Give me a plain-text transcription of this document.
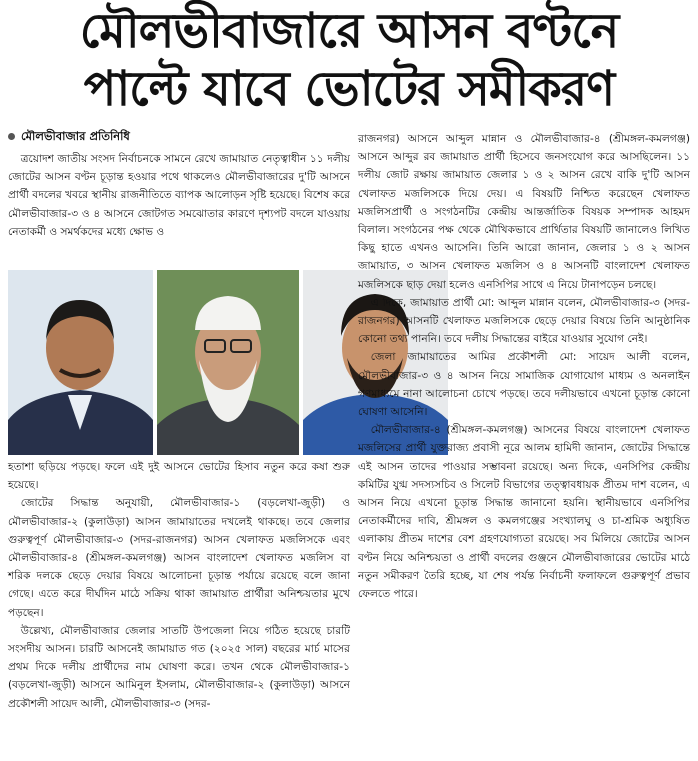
মৌলভীবাজারে আসন বণ্টনে
পাল্টে যাবে ভোটের সমীকরণ
মৌলভীবাজার প্রতিনিধি

ত্রয়োদশ জাতীয় সংসদ নির্বাচনকে সামনে রেখে জামায়াত নেতৃত্বাধীন ১১ দলীয় জোটের আসন বণ্টন চূড়ান্ত হওয়ার পথে থাকলেও মৌলভীবাজারের দু'টি আসনে প্রার্থী বদলের খবরে স্থানীয় রাজনীতিতে ব্যাপক আলোড়ন সৃষ্টি হয়েছে। বিশেষ করে মৌলভীবাজার-৩ ও ৪ আসনে জোটগত সমঝোতার কারণে দৃশ্যপট বদলে যাওয়ায় নেতাকর্মী ও সমর্থকদের মধ্যে ক্ষোভ ও

হতাশা ছড়িয়ে পড়ছে। ফলে এই দুই আসনে ভোটের হিসাব নতুন করে কষা শুরু হয়েছে।

জোটের সিদ্ধান্ত অনুযায়ী, মৌলভীবাজার-১ (বড়লেখা-জুড়ী) ও মৌলভীবাজার-২ (কুলাউড়া) আসন জামায়াতের দখলেই থাকছে। তবে জেলার গুরুত্বপূর্ণ মৌলভীবাজার-৩ (সদর-রাজনগর) আসন খেলাফত মজলিসকে এবং মৌলভীবাজার-৪ (শ্রীমঙ্গল-কমলগঞ্জ) আসন বাংলাদেশ খেলাফত মজলিস বা শরিক দলকে ছেড়ে দেয়ার বিষয়ে আলোচনা চূড়ান্ত পর্যায়ে রয়েছে বলে জানা গেছে। এতে করে দীর্ঘদিন মাঠে সক্রিয় থাকা জামায়াত প্রার্থীরা অনিশ্চয়তার মুখে পড়ছেন।

উল্লেখ্য, মৌলভীবাজার জেলার সাতটি উপজেলা নিয়ে গঠিত হয়েছে চারটি সংসদীয় আসন। চারটি আসনেই জামায়াত গত (২০২৫ সাল) বছরের মার্চ মাসের প্রথম দিকে দলীয় প্রার্থীদের নাম ঘোষণা করে। তখন থেকে মৌলভীবাজার-১ (বড়লেখা-জুড়ী) আসনে আমিনুল ইসলাম, মৌলভীবাজার-২ (কুলাউড়া) আসনে প্রকৌশলী সায়েদ আলী, মৌলভীবাজার-৩ (সদর-

রাজনগর) আসনে আব্দুল মান্নান ও মৌলভীবাজার-৪ (শ্রীমঙ্গল-কমলগঞ্জ) আসনে আব্দুর রব জামায়াত প্রার্থী হিসেবে জনসংযোগ করে আসছিলেন। ১১ দলীয় জোট রক্ষায় জামায়াত জেলার ১ ও ২ আসন রেখে বাকি দু'টি আসন খেলাফত মজলিসকে দিয়ে দেয়। এ বিষয়টি নিশ্চিত করেছেন খেলাফত মজলিসপ্রার্থী ও সংগঠনটির কেন্দ্রীয় আন্তর্জাতিক বিষয়ক সম্পাদক আহমদ বিলাল। সংগঠনের পক্ষ থেকে মৌখিকভাবে প্রার্থিতার বিষয়টি জানালেও লিখিত কিছু হাতে এখনও আসেনি। তিনি আরো জানান, জেলার ১ ও ২ আসন জামায়াত, ৩ আসন খেলাফত মজলিস ও ৪ আসনটি বাংলাদেশ খেলাফত মজলিসকে ছাড় দেয়া হলেও এনসিপির সাথে এ নিয়ে টানাপড়েন চলছে।

এ দিকে, জামায়াত প্রার্থী মো: আব্দুল মান্নান বলেন, মৌলভীবাজার-৩ (সদর-রাজনগর) আসনটি খেলাফত মজলিসকে ছেড়ে দেয়ার বিষয়ে তিনি আনুষ্ঠানিক কোনো তথ্য পাননি। তবে দলীয় সিদ্ধান্তের বাইরে যাওয়ার সুযোগ নেই।

জেলা জামায়াতের আমির প্রকৌশলী মো: সায়েদ আলী বলেন, মৌলভীবাজার-৩ ও ৪ আসন নিয়ে সামাজিক যোগাযোগ মাধ্যম ও অনলাইন গণমাধ্যমে নানা আলোচনা চোখে পড়ছে। তবে দলীয়ভাবে এখনো চূড়ান্ত কোনো ঘোষণা আসেনি।

মৌলভীবাজার-৪ (শ্রীমঙ্গল-কমলগঞ্জ) আসনের বিষয়ে বাংলাদেশ খেলাফত মজলিসের প্রার্থী যুক্তরাজ্য প্রবাসী নূরে আলম হামিদী জানান, জোটের সিদ্ধান্তে এই আসন তাদের পাওয়ার সম্ভাবনা রয়েছে। অন্য দিকে, এনসিপির কেন্দ্রীয় কমিটির যুগ্ম সদস্যসচিব ও সিলেট বিভাগের তত্ত্বাবধায়ক প্রীতম দাশ বলেন, এ আসন নিয়ে এখনো চূড়ান্ত সিদ্ধান্ত জানানো হয়নি। স্থানীয়ভাবে এনসিপির নেতাকর্মীদের দাবি, শ্রীমঙ্গল ও কমলগঞ্জের সংখ্যালঘু ও চা-শ্রমিক অধ্যুষিত এলাকায় প্রীতম দাশের বেশ গ্রহণযোগ্যতা রয়েছে। সব মিলিয়ে জোটের আসন বণ্টন নিয়ে অনিশ্চয়তা ও প্রার্থী বদলের গুঞ্জনে মৌলভীবাজারের ভোটের মাঠে নতুন সমীকরণ তৈরি হচ্ছে, যা শেষ পর্যন্ত নির্বাচনী ফলাফলে গুরুত্বপূর্ণ প্রভাব ফেলতে পারে।
